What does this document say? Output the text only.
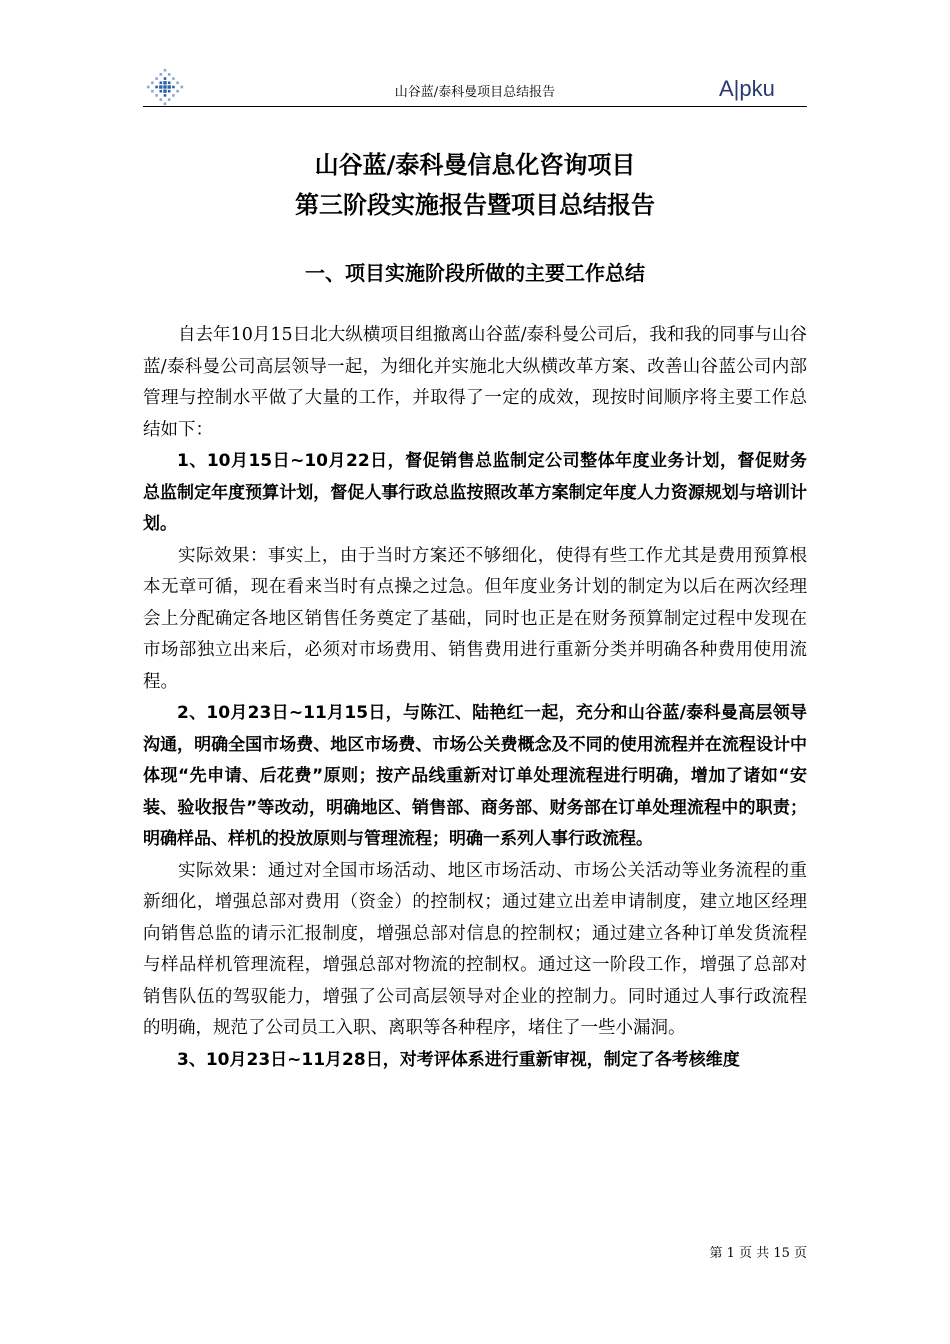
山谷蓝/泰科曼项目总结报告	A|pku
山谷蓝/泰科曼信息化咨询项目
第三阶段实施报告暨项目总结报告
一、项目实施阶段所做的主要工作总结

自去年10月15日北大纵横项目组撤离山谷蓝/泰科曼公司后，我和我的同事与山谷蓝/泰科曼公司高层领导一起，为细化并实施北大纵横改革方案、改善山谷蓝公司内部管理与控制水平做了大量的工作，并取得了一定的成效，现按时间顺序将主要工作总结如下：

1、10月15日~10月22日，督促销售总监制定公司整体年度业务计划，督促财务总监制定年度预算计划，督促人事行政总监按照改革方案制定年度人力资源规划与培训计划。

实际效果：事实上，由于当时方案还不够细化，使得有些工作尤其是费用预算根本无章可循，现在看来当时有点操之过急。但年度业务计划的制定为以后在两次经理会上分配确定各地区销售任务奠定了基础，同时也正是在财务预算制定过程中发现在市场部独立出来后，必须对市场费用、销售费用进行重新分类并明确各种费用使用流程。

2、10月23日~11月15日，与陈江、陆艳红一起，充分和山谷蓝/泰科曼高层领导沟通，明确全国市场费、地区市场费、市场公关费概念及不同的使用流程并在流程设计中体现“先申请、后花费”原则；按产品线重新对订单处理流程进行明确，增加了诸如“安装、验收报告”等改动，明确地区、销售部、商务部、财务部在订单处理流程中的职责；明确样品、样机的投放原则与管理流程；明确一系列人事行政流程。

实际效果：通过对全国市场活动、地区市场活动、市场公关活动等业务流程的重新细化，增强总部对费用（资金）的控制权；通过建立出差申请制度，建立地区经理向销售总监的请示汇报制度，增强总部对信息的控制权；通过建立各种订单发货流程与样品样机管理流程，增强总部对物流的控制权。通过这一阶段工作，增强了总部对销售队伍的驾驭能力，增强了公司高层领导对企业的控制力。同时通过人事行政流程的明确，规范了公司员工入职、离职等各种程序，堵住了一些小漏洞。

3、10月23日~11月28日，对考评体系进行重新审视，制定了各考核维度

第 1 页 共 15 页
